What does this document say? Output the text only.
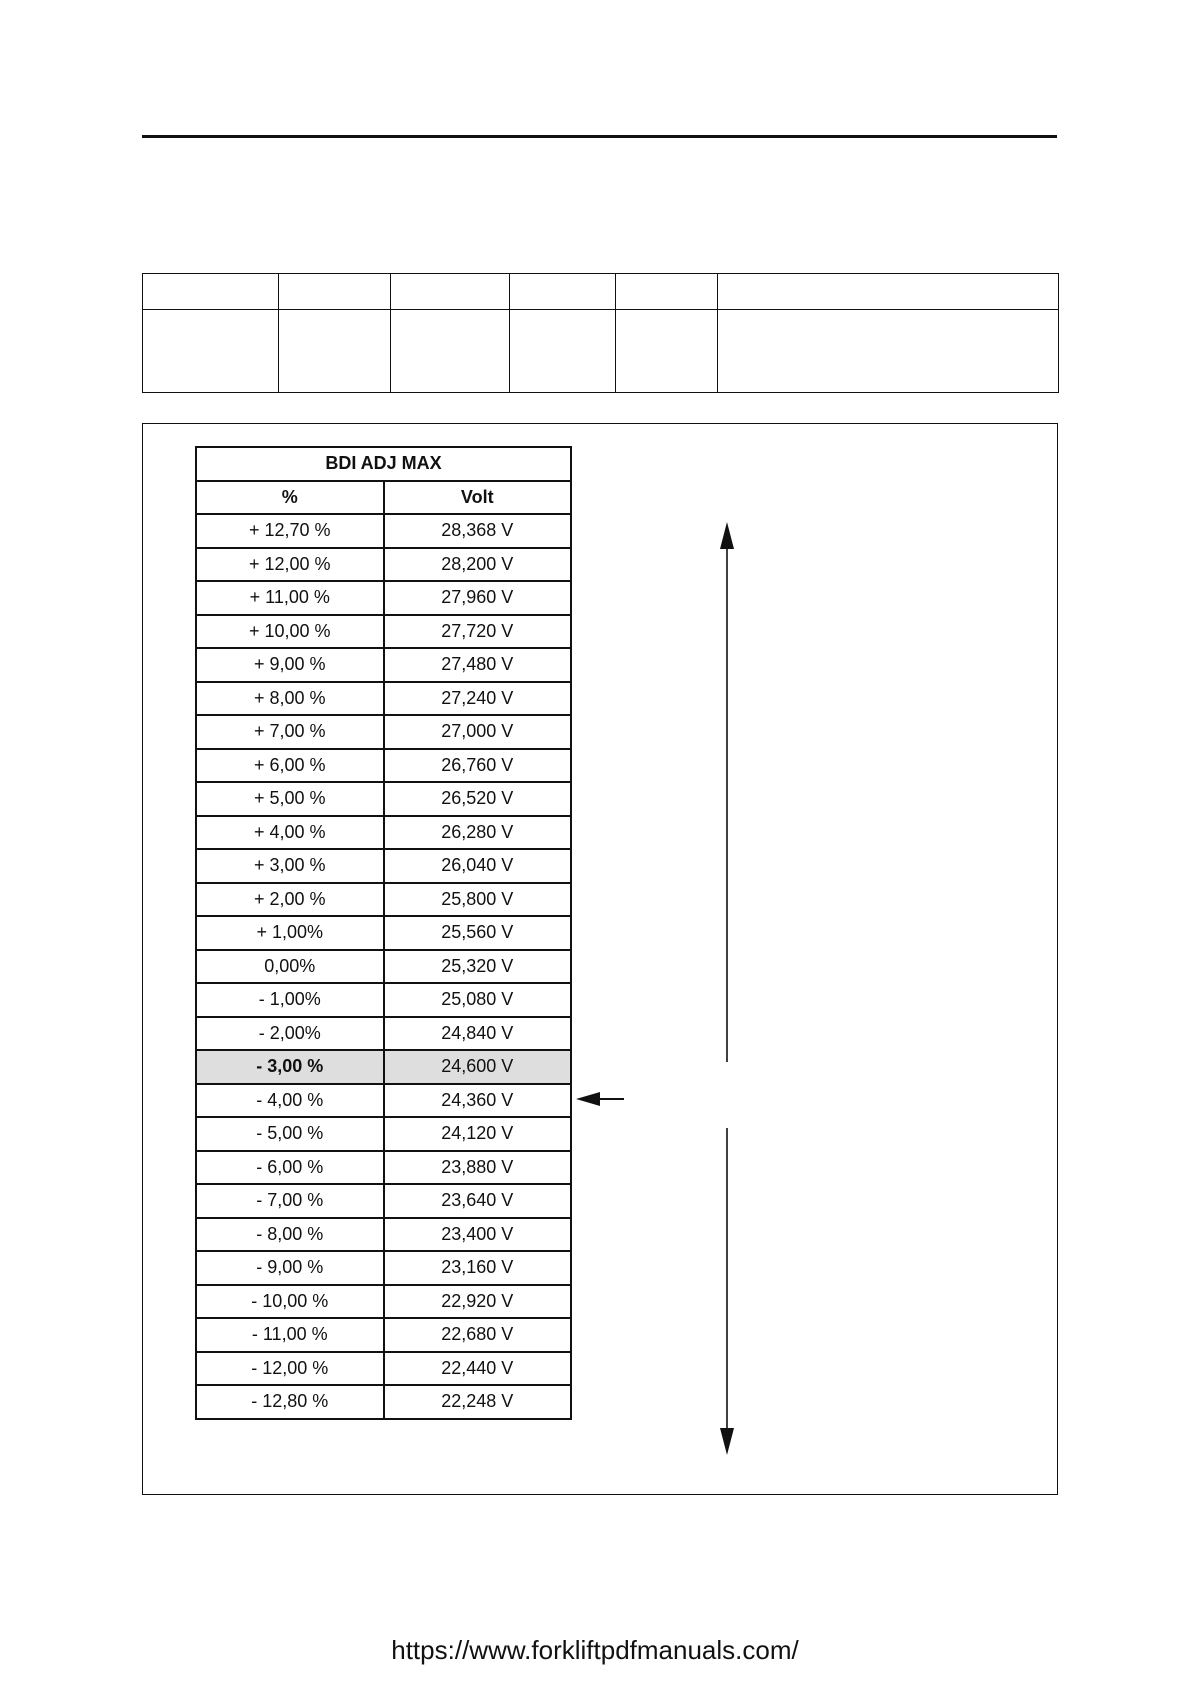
BDI ADJ MAX	
%	Volt
+ 12,70 %	28,368 V
+ 12,00 %	28,200 V
+ 11,00 %	27,960 V
+ 10,00 %	27,720 V
+ 9,00 %	27,480 V
+ 8,00 %	27,240 V
+ 7,00 %	27,000 V
+ 6,00 %	26,760 V
+ 5,00 %	26,520 V
+ 4,00 %	26,280 V
+ 3,00 %	26,040 V
+ 2,00 %	25,800 V
+ 1,00%	25,560 V
0,00%	25,320 V
- 1,00%	25,080 V
- 2,00%	24,840 V
- 3,00 %	24,600 V
- 4,00 %	24,360 V
- 5,00 %	24,120 V
- 6,00 %	23,880 V
- 7,00 %	23,640 V
- 8,00 %	23,400 V
- 9,00 %	23,160 V
- 10,00 %	22,920 V
- 11,00 %	22,680 V
- 12,00 %	22,440 V
- 12,80 %	22,248 V
https://www.forkliftpdfmanuals.com/
